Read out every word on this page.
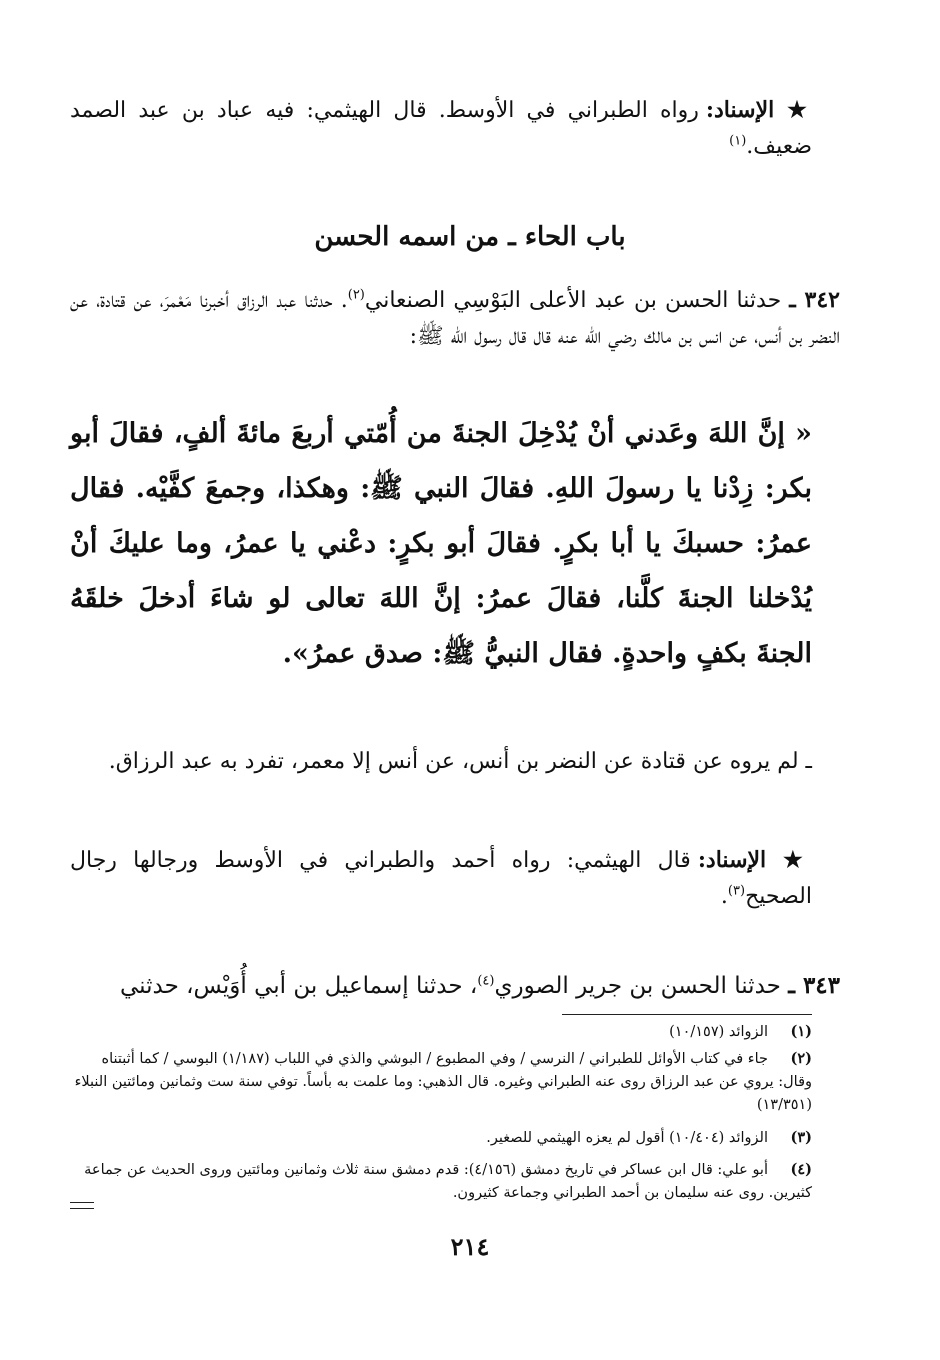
★ الإسناد: رواه الطبراني في الأوسط. قال الهيثمي: فيه عباد بن عبد الصمد ضعيف.$^{(١)}$
باب الحاء ـ من اسمه الحسن
٣٤٢ ـ حدثنا الحسن بن عبد الأعلى البَوْسِي الصنعاني$^{(٢)}$. حدثنا عبد الرزاق أخبرنا مَعْمرَ، عن قتادة، عن النضر بن أنس، عن انس بن مالك رضي الله عنه قال قال رسول الله ﷺ:
« إنَّ اللهَ وعَدني أنْ يُدْخِلَ الجنةَ من أُمّتي أربعَ مائةَ ألفٍ، فقالَ أبو بكر: زِدْنا يا رسولَ اللهِ. فقالَ النبي ﷺ: وهكذا، وجمعَ كفَّيْه. فقال عمرُ: حسبكَ يا أبا بكرٍ. فقالَ أبو بكرٍ: دعْني يا عمرُ، وما عليكَ أنْ يُدْخلنا الجنةَ كلَّنا، فقالَ عمرُ: إنَّ اللهَ تعالى لو شاءَ أدخلَ خلقَهُ الجنةَ بكفٍ واحدةٍ. فقال النبيُّ ﷺ: صدق عمرُ».
ـ لم يروه عن قتادة عن النضر بن أنس، عن أنس إلا معمر، تفرد به عبد الرزاق.
★ الإسناد: قال الهيثمي: رواه أحمد والطبراني في الأوسط ورجالها رجال الصحيح$^{(٣)}$.
٣٤٣ ـ حدثنا الحسن بن جرير الصوري$^{(٤)}$، حدثنا إسماعيل بن أبي أُوَيْس، حدثني
(١)الزوائد (١٠/١٥٧)
(٢)جاء في كتاب الأوائل للطبراني / النرسي / وفي المطبوع / البوشي والذي في اللباب (١/١٨٧) البوسي / كما أثبتناه وقال: يروي عن عبد الرزاق روى عنه الطبراني وغيره. قال الذهبي: وما علمت به بأساً. توفي سنة ست وثمانين ومائتين النبلاء (١٣/٣٥١)
(٣)الزوائد (١٠/٤٠٤) أقول لم يعزه الهيثمي للصغير.
(٤)أبو علي: قال ابن عساكر في تاريخ دمشق (٤/١٥٦): قدم دمشق سنة ثلاث وثمانين ومائتين وروى الحديث عن جماعة كثيرين. روى عنه سليمان بن أحمد الطبراني وجماعة كثيرون.
٢١٤
